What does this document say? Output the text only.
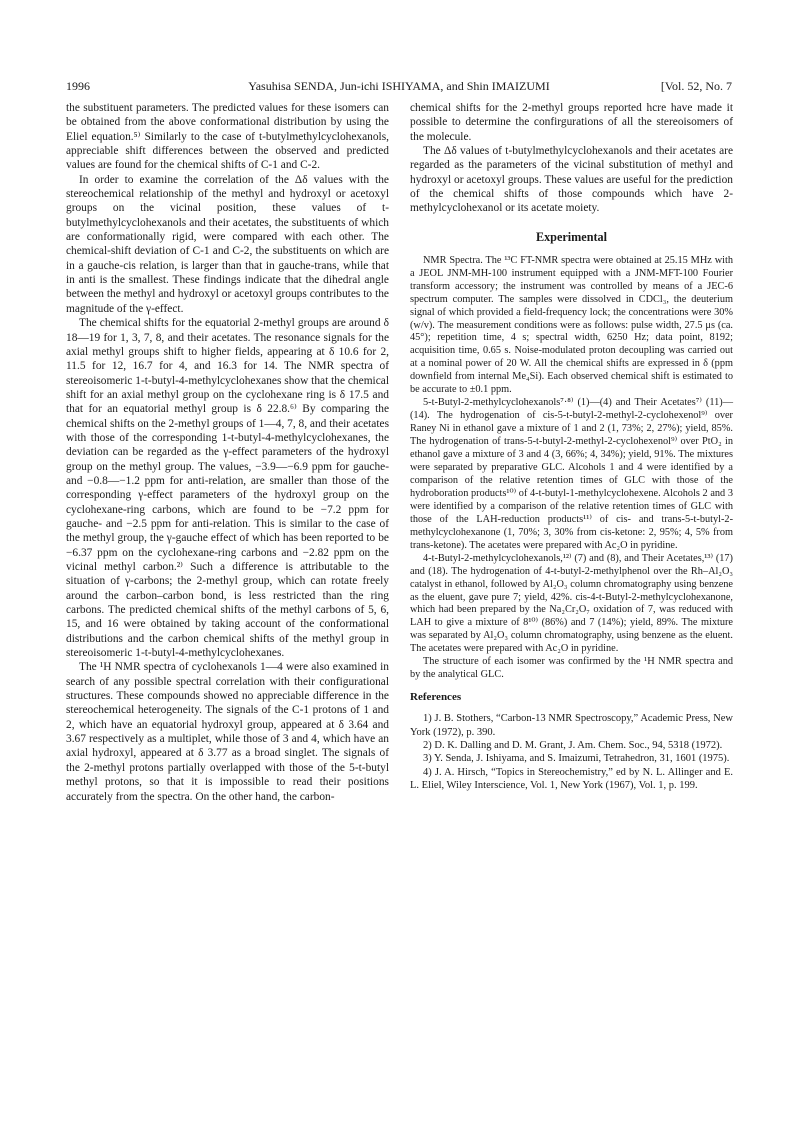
1996	Yasuhisa SENDA, Jun-ichi ISHIYAMA, and Shin IMAIZUMI	[Vol. 52, No. 7

the substituent parameters. The predicted values for these isomers can be obtained from the above conformational distribution by using the Eliel equation.⁵⁾ Similarly to the case of t-butylmethylcyclohexanols, appreciable shift differences between the observed and predicted values are found for the chemical shifts of C-1 and C-2.

In order to examine the correlation of the Δδ values with the stereochemical relationship of the methyl and hydroxyl or acetoxyl groups on the vicinal position, these values of t-butylmethylcyclohexanols and their acetates, the substituents of which are conformationally rigid, were compared with each other. The chemical-shift deviation of C-1 and C-2, the substituents on which are in a gauche-cis relation, is larger than that in gauche-trans, while that in anti is the smallest. These findings indicate that the dihedral angle between the methyl and hydroxyl or acetoxyl groups contributes to the magnitude of the γ-effect.

The chemical shifts for the equatorial 2-methyl groups are around δ 18—19 for 1, 3, 7, 8, and their acetates. The resonance signals for the axial methyl groups shift to higher fields, appearing at δ 10.6 for 2, 11.5 for 12, 16.7 for 4, and 16.3 for 14. The NMR spectra of stereoisomeric 1-t-butyl-4-methylcyclohexanes show that the chemical shift for an axial methyl group on the cyclohexane ring is δ 17.5 and that for an equatorial methyl group is δ 22.8.⁶⁾ By comparing the chemical shifts on the 2-methyl groups of 1—4, 7, 8, and their acetates with those of the corresponding 1-t-butyl-4-methylcyclohexanes, the deviation can be regarded as the γ-effect parameters of the hydroxyl group on the methyl group. The values, −3.9—−6.9 ppm for gauche- and −0.8—−1.2 ppm for anti-relation, are smaller than those of the corresponding γ-effect parameters of the hydroxyl group on the cyclohexane-ring carbons, which are found to be −7.2 ppm for gauche- and −2.5 ppm for anti-relation. This is similar to the case of the methyl group, the γ-gauche effect of which has been reported to be −6.37 ppm on the cyclohexane-ring carbons and −2.82 ppm on the vicinal methyl carbon.²⁾ Such a difference is attributable to the situation of γ-carbons; the 2-methyl group, which can rotate freely around the carbon–carbon bond, is less restricted than the ring carbons. The predicted chemical shifts of the methyl carbons of 5, 6, 15, and 16 were obtained by taking account of the conformational distributions and the carbon chemical shifts of the methyl group in stereoisomeric 1-t-butyl-4-methylcyclohexanes.

The ¹H NMR spectra of cyclohexanols 1—4 were also examined in search of any possible spectral correlation with their configurational structures. These compounds showed no appreciable difference in the stereochemical heterogeneity. The signals of the C-1 protons of 1 and 2, which have an equatorial hydroxyl group, appeared at δ 3.64 and 3.67 respectively as a multiplet, while those of 3 and 4, which have an axial hydroxyl, appeared at δ 3.77 as a broad singlet. The signals of the 2-methyl protons partially overlapped with those of the 5-t-butyl methyl protons, so that it is impossible to read their positions accurately from the spectra. On the other hand, the carbon-

chemical shifts for the 2-methyl groups reported hcre have made it possible to determine the confirgurations of all the stereoisomers of the molecule.

The Δδ values of t-butylmethylcyclohexanols and their acetates are regarded as the parameters of the vicinal substitution of methyl and hydroxyl or acetoxyl groups. These values are useful for the prediction of the chemical shifts of those compounds which have 2-methylcyclohexanol or its acetate moiety.

Experimental

NMR Spectra. The ¹³C FT-NMR spectra were obtained at 25.15 MHz with a JEOL JNM-MH-100 instrument equipped with a JNM-MFT-100 Fourier transform accessory; the instrument was controlled by means of a JEC-6 spectrum computer. The samples were dissolved in CDCl₃, the deuterium signal of which provided a field-frequency lock; the concentrations were 30% (w/v). The measurement conditions were as follows: pulse width, 27.5 μs (ca. 45°); repetition time, 4 s; spectral width, 6250 Hz; data point, 8192; acquisition time, 0.65 s. Noise-modulated proton decoupling was carried out at a nominal power of 20 W. All the chemical shifts are expressed in δ (ppm downfield from internal Me₄Si). Each observed chemical shift is estimated to be accurate to ±0.1 ppm.

5-t-Butyl-2-methylcyclohexanols⁷·⁸⁾ (1)—(4) and Their Acetates⁷⁾ (11)—(14). The hydrogenation of cis-5-t-butyl-2-methyl-2-cyclohexenol⁹⁾ over Raney Ni in ethanol gave a mixture of 1 and 2 (1, 73%; 2, 27%); yield, 85%. The hydrogenation of trans-5-t-butyl-2-methyl-2-cyclohexenol⁹⁾ over PtO₂ in ethanol gave a mixture of 3 and 4 (3, 66%; 4, 34%); yield, 91%. The mixtures were separated by preparative GLC. Alcohols 1 and 4 were identified by a comparison of the relative retention times of GLC with those of the hydroboration products¹⁰⁾ of 4-t-butyl-1-methylcyclohexene. Alcohols 2 and 3 were identified by a comparison of the relative retention times of GLC with those of the LAH-reduction products¹¹⁾ of cis- and trans-5-t-butyl-2-methylcyclohexanone (1, 70%; 3, 30% from cis-ketone: 2, 95%; 4, 5% from trans-ketone). The acetates were prepared with Ac₂O in pyridine.

4-t-Butyl-2-methylcyclohexanols,¹²⁾ (7) and (8), and Their Acetates,¹³⁾ (17) and (18). The hydrogenation of 4-t-butyl-2-methylphenol over the Rh–Al₂O₃ catalyst in ethanol, followed by Al₂O₃ column chromatography using benzene as the eluent, gave pure 7; yield, 42%. cis-4-t-Butyl-2-methylcyclohexanone, which had been prepared by the Na₂Cr₂O₇ oxidation of 7, was reduced with LAH to give a mixture of 8¹⁰⁾ (86%) and 7 (14%); yield, 89%. The mixture was separated by Al₂O₃ column chromatography, using benzene as the eluent. The acetates were prepared with Ac₂O in pyridine.

The structure of each isomer was confirmed by the ¹H NMR spectra and by the analytical GLC.

References

1) J. B. Stothers, “Carbon-13 NMR Spectroscopy,” Academic Press, New York (1972), p. 390.

2) D. K. Dalling and D. M. Grant, J. Am. Chem. Soc., 94, 5318 (1972).

3) Y. Senda, J. Ishiyama, and S. Imaizumi, Tetrahedron, 31, 1601 (1975).

4) J. A. Hirsch, “Topics in Stereochemistry,” ed by N. L. Allinger and E. L. Eliel, Wiley Interscience, Vol. 1, New York (1967), Vol. 1, p. 199.
